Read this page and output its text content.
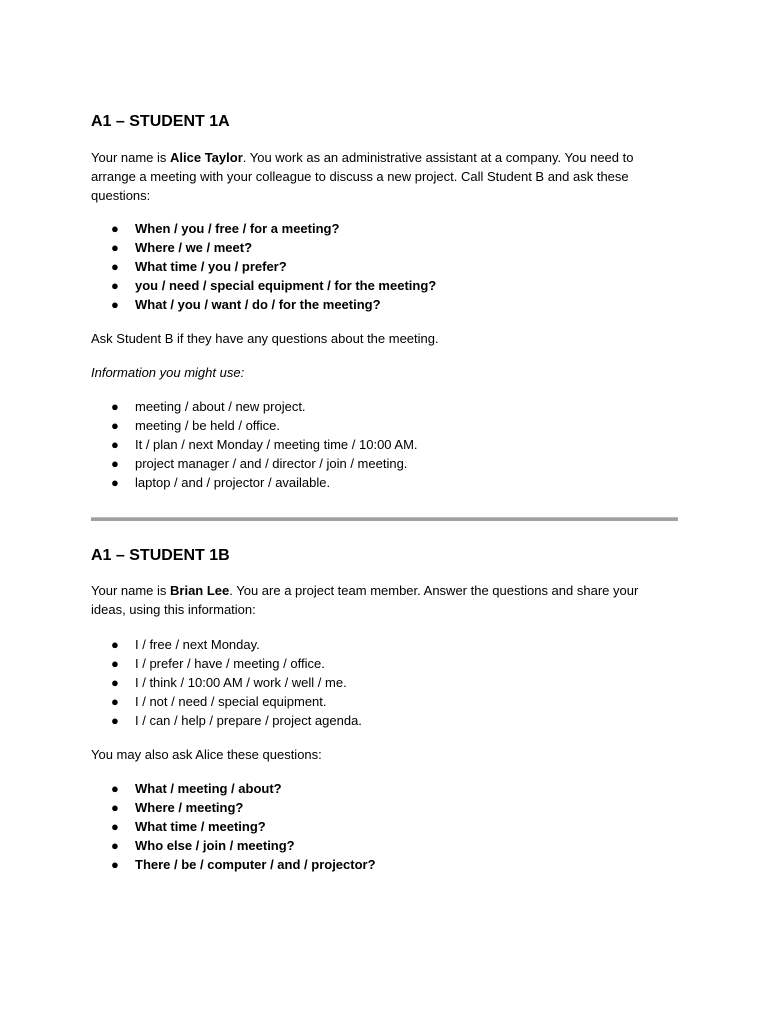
A1 – STUDENT 1A
Your name is Alice Taylor. You work as an administrative assistant at a company. You need to
arrange a meeting with your colleague to discuss a new project. Call Student B and ask these
questions:
● When / you / free / for a meeting?
● Where / we / meet?
● What time / you / prefer?
● you / need / special equipment / for the meeting?
● What / you / want / do / for the meeting?

Ask Student B if they have any questions about the meeting.

Information you might use:

● meeting / about / new project.
● meeting / be held / office.
● It / plan / next Monday / meeting time / 10:00 AM.
● project manager / and / director / join / meeting.
● laptop / and / projector / available.
A1 – STUDENT 1B
Your name is Brian Lee. You are a project team member. Answer the questions and share your
ideas, using this information:
● I / free / next Monday.
● I / prefer / have / meeting / office.
● I / think / 10:00 AM / work / well / me.
● I / not / need / special equipment.
● I / can / help / prepare / project agenda.

You may also ask Alice these questions:

● What / meeting / about?
● Where / meeting?
● What time / meeting?
● Who else / join / meeting?
● There / be / computer / and / projector?
